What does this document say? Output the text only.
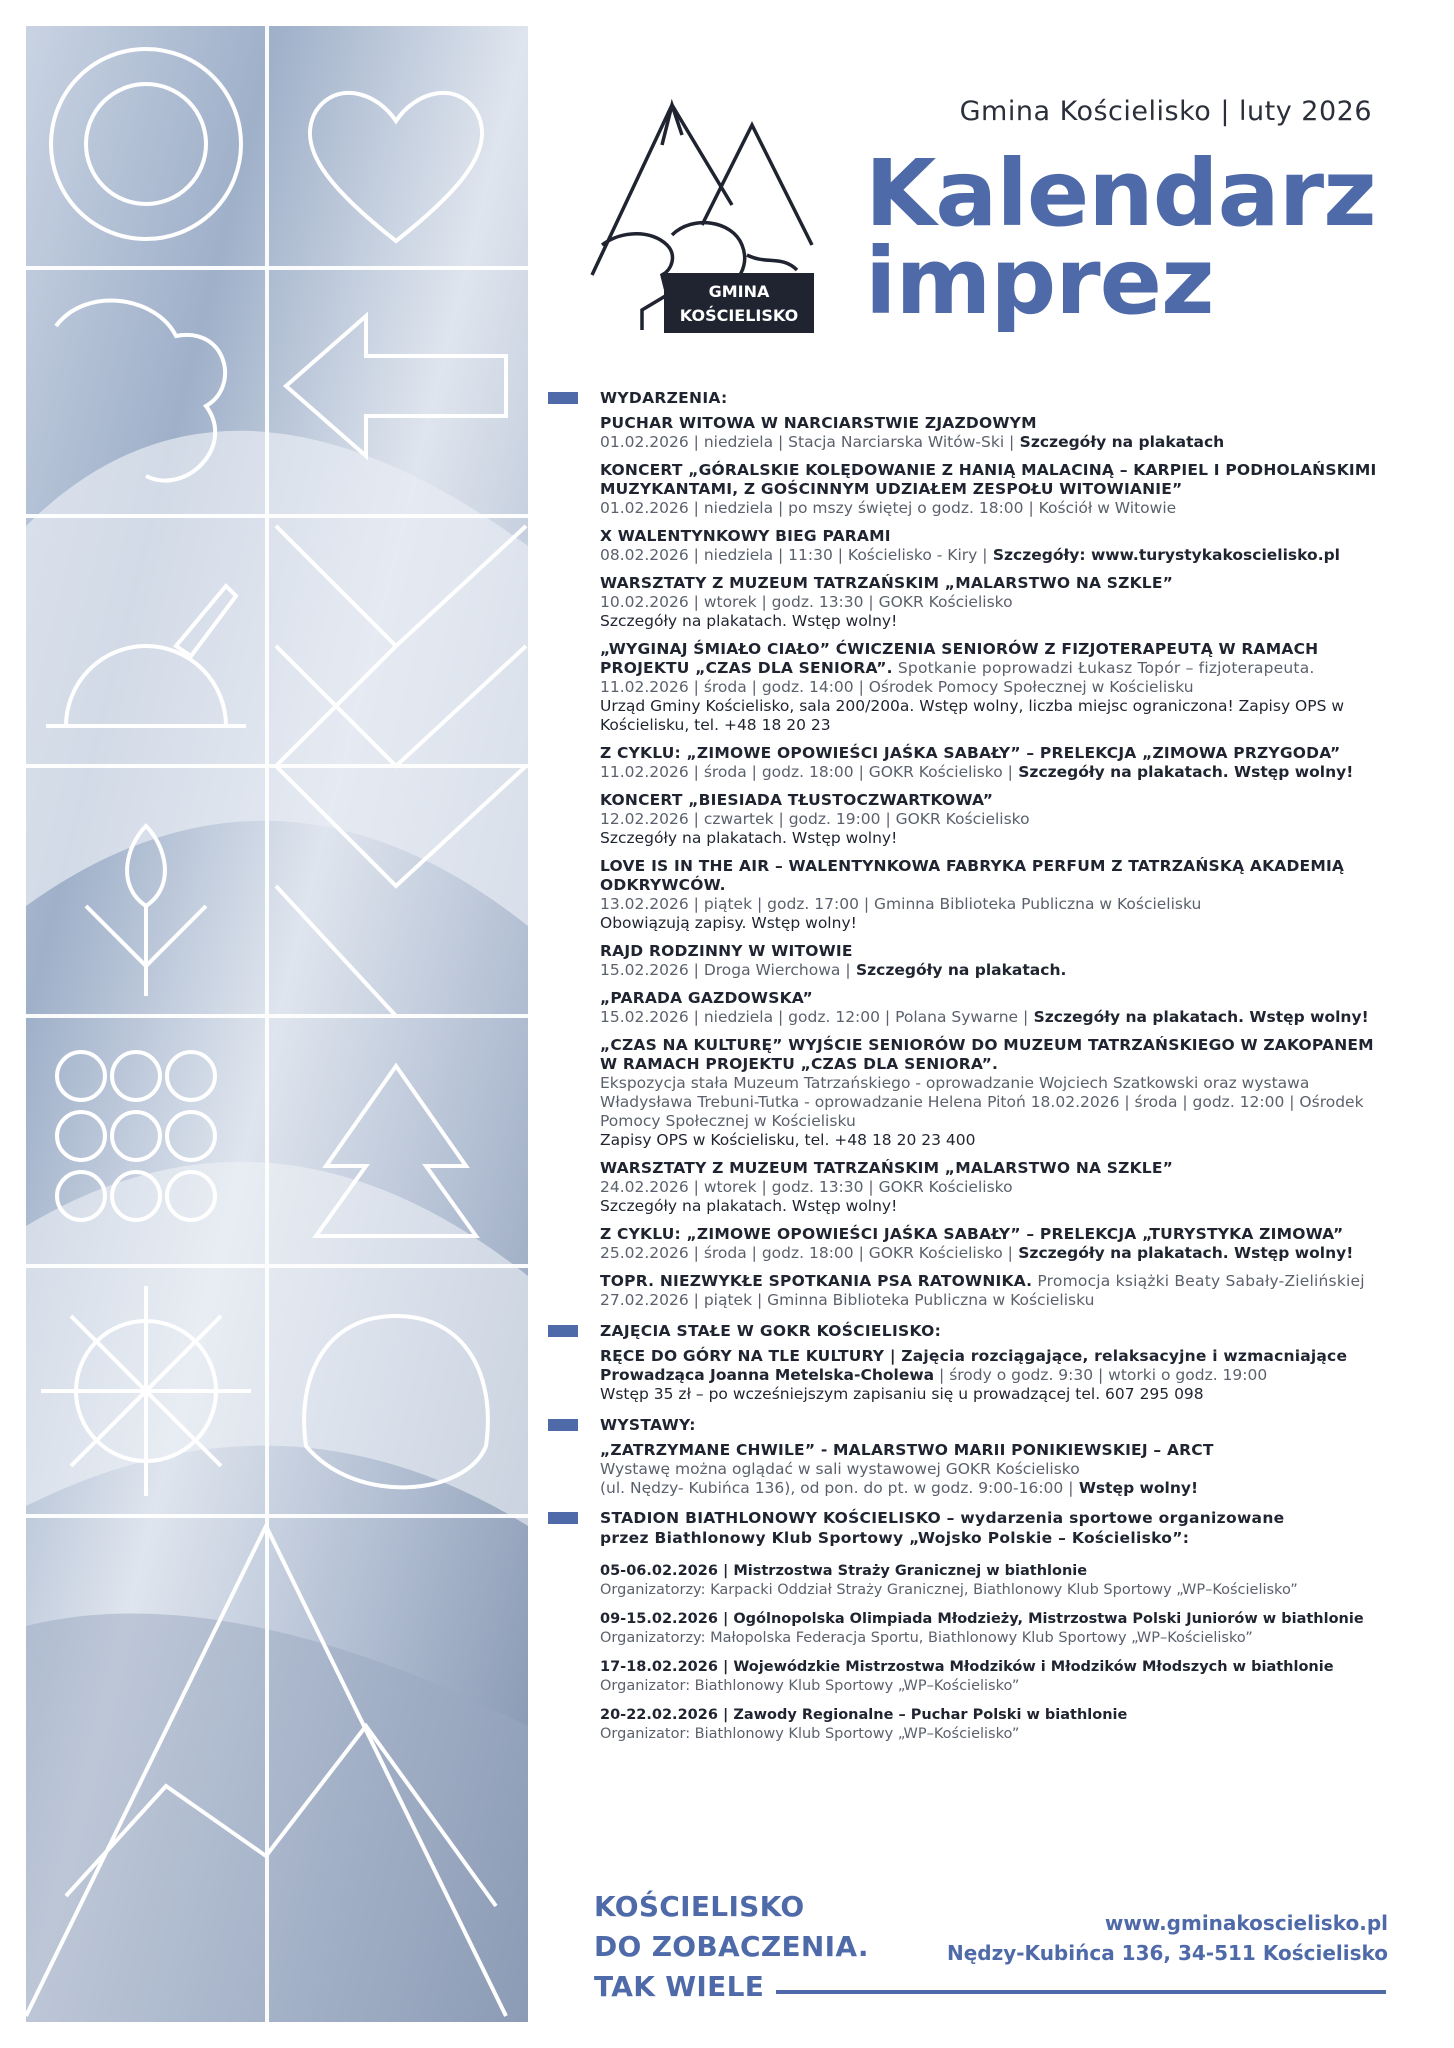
Gmina Kościelisko | luty 2026
GMINA
KOŚCIELISKO
Kalendarz
imprez
WYDARZENIA:
PUCHAR WITOWA W NARCIARSTWIE ZJAZDOWYM
01.02.2026 | niedziela | Stacja Narciarska Witów-Ski | Szczegóły na plakatach
KONCERT „GÓRALSKIE KOLĘDOWANIE Z HANIĄ MALACINĄ – KARPIEL I PODHOLAŃSKIMI MUZYKANTAMI, Z GOŚCINNYM UDZIAŁEM ZESPOŁU WITOWIANIE”
01.02.2026 | niedziela | po mszy świętej o godz. 18:00 | Kościół w Witowie
X WALENTYNKOWY BIEG PARAMI
08.02.2026 | niedziela | 11:30 | Kościelisko - Kiry | Szczegóły: www.turystykakoscielisko.pl
WARSZTATY Z MUZEUM TATRZAŃSKIM „MALARSTWO NA SZKLE”
10.02.2026 | wtorek | godz. 13:30 | GOKR Kościelisko
Szczegóły na plakatach. Wstęp wolny!
„WYGINAJ ŚMIAŁO CIAŁO” ĆWICZENIA SENIORÓW Z FIZJOTERAPEUTĄ W RAMACH PROJEKTU „CZAS DLA SENIORA”. Spotkanie poprowadzi Łukasz Topór – fizjoterapeuta.
11.02.2026 | środa | godz. 14:00 | Ośrodek Pomocy Społecznej w Kościelisku
Urząd Gminy Kościelisko, sala 200/200a. Wstęp wolny, liczba miejsc ograniczona! Zapisy OPS w Kościelisku, tel. +48 18 20 23
Z CYKLU: „ZIMOWE OPOWIEŚCI JAŚKA SABAŁY” – PRELEKCJA „ZIMOWA PRZYGODA”
11.02.2026 | środa | godz. 18:00 | GOKR Kościelisko | Szczegóły na plakatach. Wstęp wolny!
KONCERT „BIESIADA TŁUSTOCZWARTKOWA”
12.02.2026 | czwartek | godz. 19:00 | GOKR Kościelisko
Szczegóły na plakatach. Wstęp wolny!
LOVE IS IN THE AIR – WALENTYNKOWA FABRYKA PERFUM Z TATRZAŃSKĄ AKADEMIĄ ODKRYWCÓW.
13.02.2026 | piątek | godz. 17:00 | Gminna Biblioteka Publiczna w Kościelisku
Obowiązują zapisy. Wstęp wolny!
RAJD RODZINNY W WITOWIE
15.02.2026 | Droga Wierchowa | Szczegóły na plakatach.
„PARADA GAZDOWSKA”
15.02.2026 | niedziela | godz. 12:00 | Polana Sywarne | Szczegóły na plakatach. Wstęp wolny!
„CZAS NA KULTURĘ” WYJŚCIE SENIORÓW DO MUZEUM TATRZAŃSKIEGO W ZAKOPANEM W RAMACH PROJEKTU „CZAS DLA SENIORA”.
Ekspozycja stała Muzeum Tatrzańskiego - oprowadzanie Wojciech Szatkowski oraz wystawa Władysława Trebuni-Tutka - oprowadzanie Helena Pitoń 18.02.2026 | środa | godz. 12:00 | Ośrodek Pomocy Społecznej w Kościelisku
Zapisy OPS w Kościelisku, tel. +48 18 20 23 400
WARSZTATY Z MUZEUM TATRZAŃSKIM „MALARSTWO NA SZKLE”
24.02.2026 | wtorek | godz. 13:30 | GOKR Kościelisko
Szczegóły na plakatach. Wstęp wolny!
Z CYKLU: „ZIMOWE OPOWIEŚCI JAŚKA SABAŁY” – PRELEKCJA „TURYSTYKA ZIMOWA”
25.02.2026 | środa | godz. 18:00 | GOKR Kościelisko | Szczegóły na plakatach. Wstęp wolny!
TOPR. NIEZWYKŁE SPOTKANIA PSA RATOWNIKA. Promocja książki Beaty Sabały-Zielińskiej
27.02.2026 | piątek | Gminna Biblioteka Publiczna w Kościelisku
ZAJĘCIA STAŁE W GOKR KOŚCIELISKO:
RĘCE DO GÓRY NA TLE KULTURY | Zajęcia rozciągające, relaksacyjne i wzmacniające
Prowadząca Joanna Metelska-Cholewa | środy o godz. 9:30 | wtorki o godz. 19:00
Wstęp 35 zł – po wcześniejszym zapisaniu się u prowadzącej tel. 607 295 098
WYSTAWY:
„ZATRZYMANE CHWILE” - MALARSTWO MARII PONIKIEWSKIEJ – ARCT
Wystawę można oglądać w sali wystawowej GOKR Kościelisko
(ul. Nędzy- Kubińca 136), od pon. do pt. w godz. 9:00-16:00 | Wstęp wolny!
STADION BIATHLONOWY KOŚCIELISKO – wydarzenia sportowe organizowane
przez Biathlonowy Klub Sportowy „Wojsko Polskie – Kościelisko”:
05-06.02.2026 | Mistrzostwa Straży Granicznej w biathlonie
Organizatorzy: Karpacki Oddział Straży Granicznej, Biathlonowy Klub Sportowy „WP–Kościelisko”
09-15.02.2026 | Ogólnopolska Olimpiada Młodzieży, Mistrzostwa Polski Juniorów w biathlonie
Organizatorzy: Małopolska Federacja Sportu, Biathlonowy Klub Sportowy „WP–Kościelisko”
17-18.02.2026 | Wojewódzkie Mistrzostwa Młodzików i Młodzików Młodszych w biathlonie
Organizator: Biathlonowy Klub Sportowy „WP–Kościelisko”
20-22.02.2026 | Zawody Regionalne – Puchar Polski w biathlonie
Organizator: Biathlonowy Klub Sportowy „WP–Kościelisko”
KOŚCIELISKO
DO ZOBACZENIA.
TAK WIELE
www.gminakoscielisko.pl
Nędzy-Kubińca 136, 34-511 Kościelisko
